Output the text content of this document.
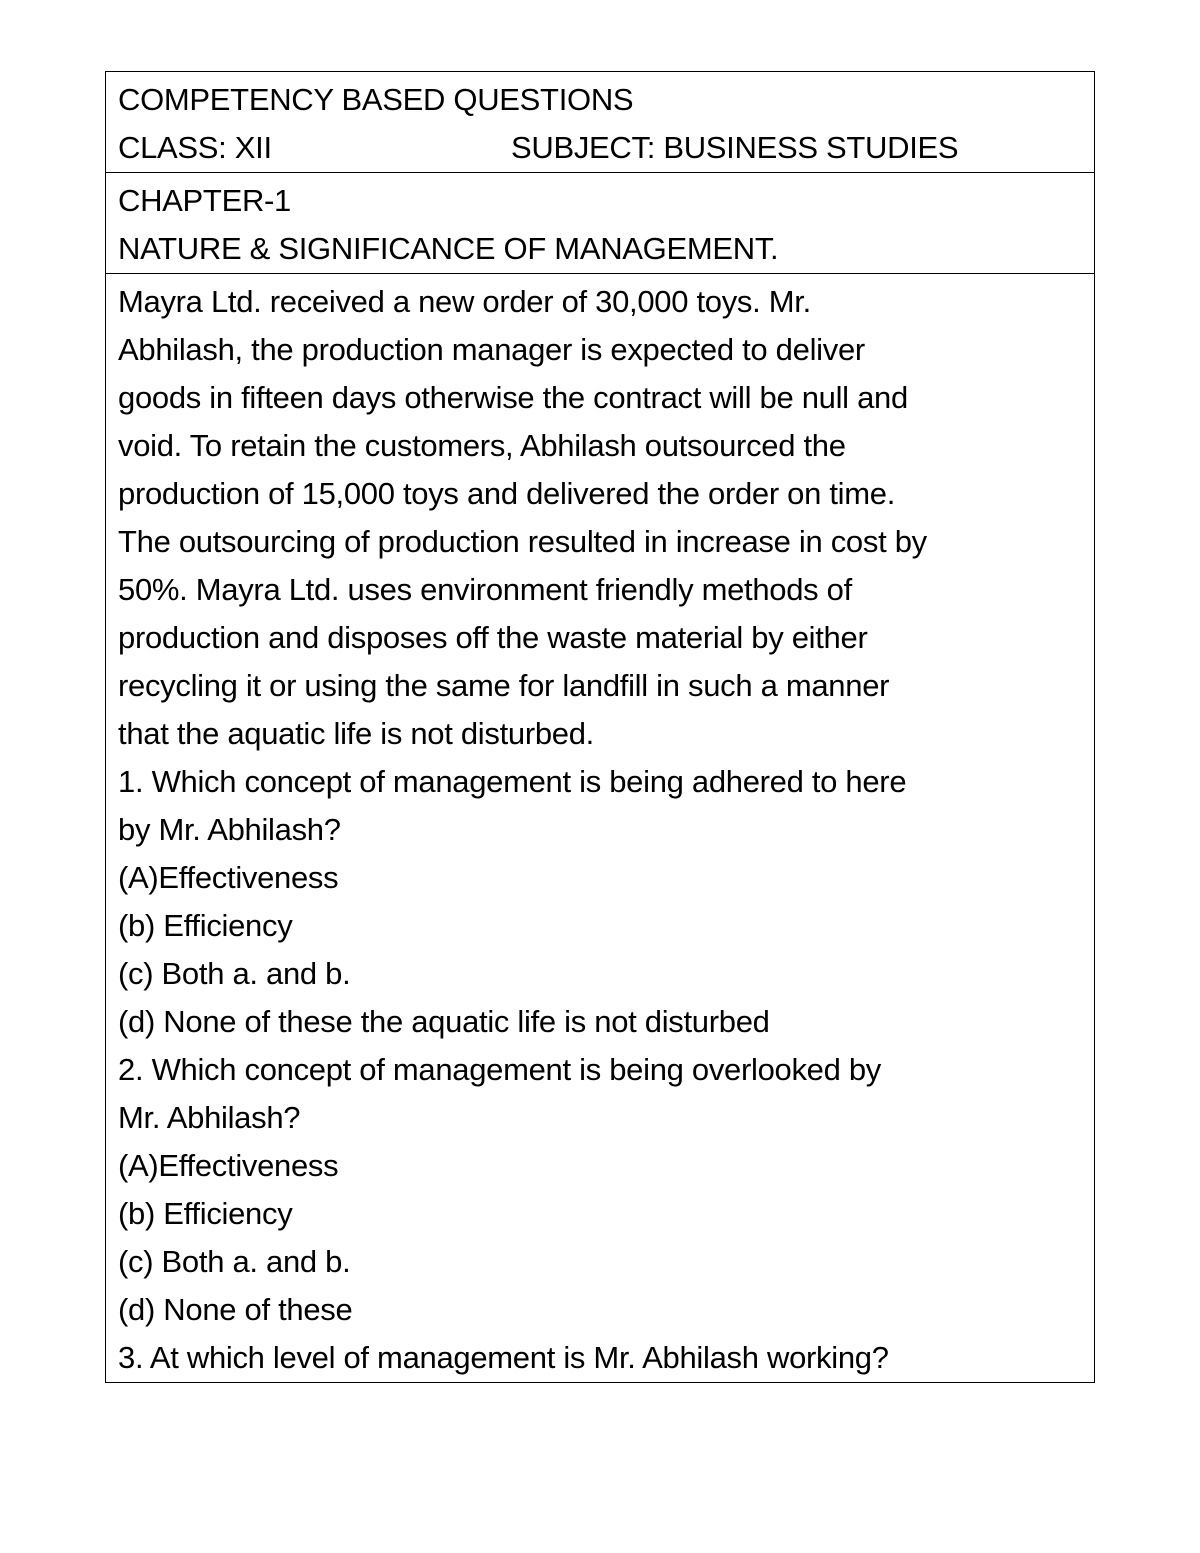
COMPETENCY BASED QUESTIONS
CLASS: XII	SUBJECT: BUSINESS STUDIES
CHAPTER-1
NATURE & SIGNIFICANCE OF MANAGEMENT.
Mayra Ltd. received a new order of 30,000 toys. Mr.
Abhilash, the production manager is expected to deliver
goods in fifteen days otherwise the contract will be null and
void. To retain the customers, Abhilash outsourced the
production of 15,000 toys and delivered the order on time.
The outsourcing of production resulted in increase in cost by
50%. Mayra Ltd. uses environment friendly methods of
production and disposes off the waste material by either
recycling it or using the same for landfill in such a manner
that the aquatic life is not disturbed.
1. Which concept of management is being adhered to here
by Mr. Abhilash?
(A)Effectiveness
(b) Efficiency
(c) Both a. and b.
(d) None of these the aquatic life is not disturbed
2. Which concept of management is being overlooked by
Mr. Abhilash?
(A)Effectiveness
(b) Efficiency
(c) Both a. and b.
(d) None of these
3. At which level of management is Mr. Abhilash working?
